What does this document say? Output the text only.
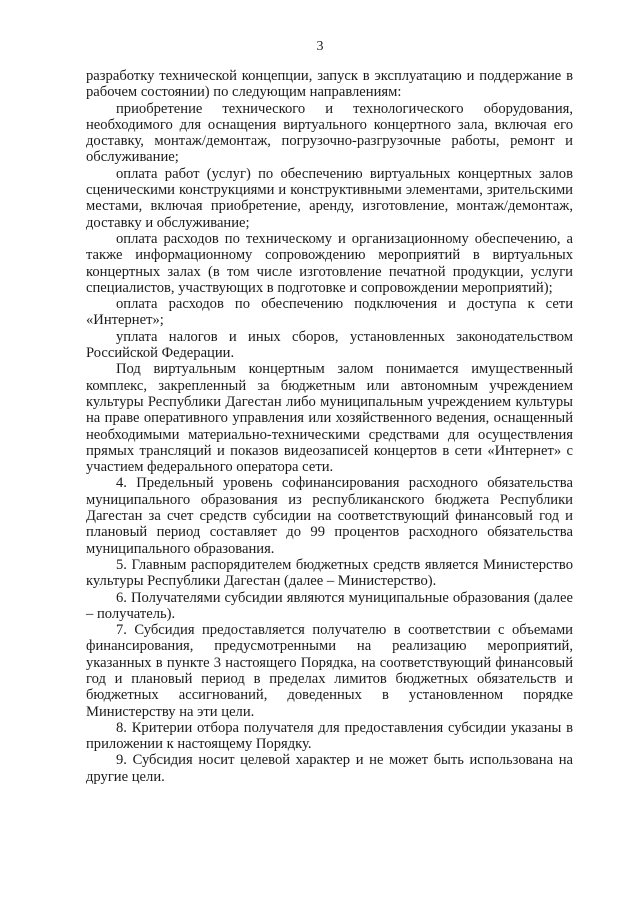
3

разработку технической концепции, запуск в эксплуатацию и поддержание в рабочем состоянии) по следующим направлениям:

приобретение технического и технологического оборудования, необходимого для оснащения виртуального концертного зала, включая его доставку, монтаж/демонтаж, погрузочно-разгрузочные работы, ремонт и обслуживание;

оплата работ (услуг) по обеспечению виртуальных концертных залов сценическими конструкциями и конструктивными элементами, зрительскими местами, включая приобретение, аренду, изготовление, монтаж/демонтаж, доставку и обслуживание;

оплата расходов по техническому и организационному обеспечению, а также информационному сопровождению мероприятий в виртуальных концертных залах (в том числе изготовление печатной продукции, услуги специалистов, участвующих в подготовке и сопровождении мероприятий);

оплата расходов по обеспечению подключения и доступа к сети «Интернет»;

уплата налогов и иных сборов, установленных законодательством Российской Федерации.

Под виртуальным концертным залом понимается имущественный комплекс, закрепленный за бюджетным или автономным учреждением культуры Республики Дагестан либо муниципальным учреждением культуры на праве оперативного управления или хозяйственного ведения, оснащенный необходимыми материально-техническими средствами для осуществления прямых трансляций и показов видеозаписей концертов в сети «Интернет» с участием федерального оператора сети.

4. Предельный уровень софинансирования расходного обязательства муниципального образования из республиканского бюджета Республики Дагестан за счет средств субсидии на соответствующий финансовый год и плановый период составляет до 99 процентов расходного обязательства муниципального образования.

5. Главным распорядителем бюджетных средств является Министерство культуры Республики Дагестан (далее – Министерство).

6. Получателями субсидии являются муниципальные образования (далее – получатель).

7. Субсидия предоставляется получателю в соответствии с объемами финансирования, предусмотренными на реализацию мероприятий, указанных в пункте 3 настоящего Порядка, на соответствующий финансовый год и плановый период в пределах лимитов бюджетных обязательств и бюджетных ассигнований, доведенных в установленном порядке Министерству на эти цели.

8. Критерии отбора получателя для предоставления субсидии указаны в приложении к настоящему Порядку.

9. Субсидия носит целевой характер и не может быть использована на другие цели.
